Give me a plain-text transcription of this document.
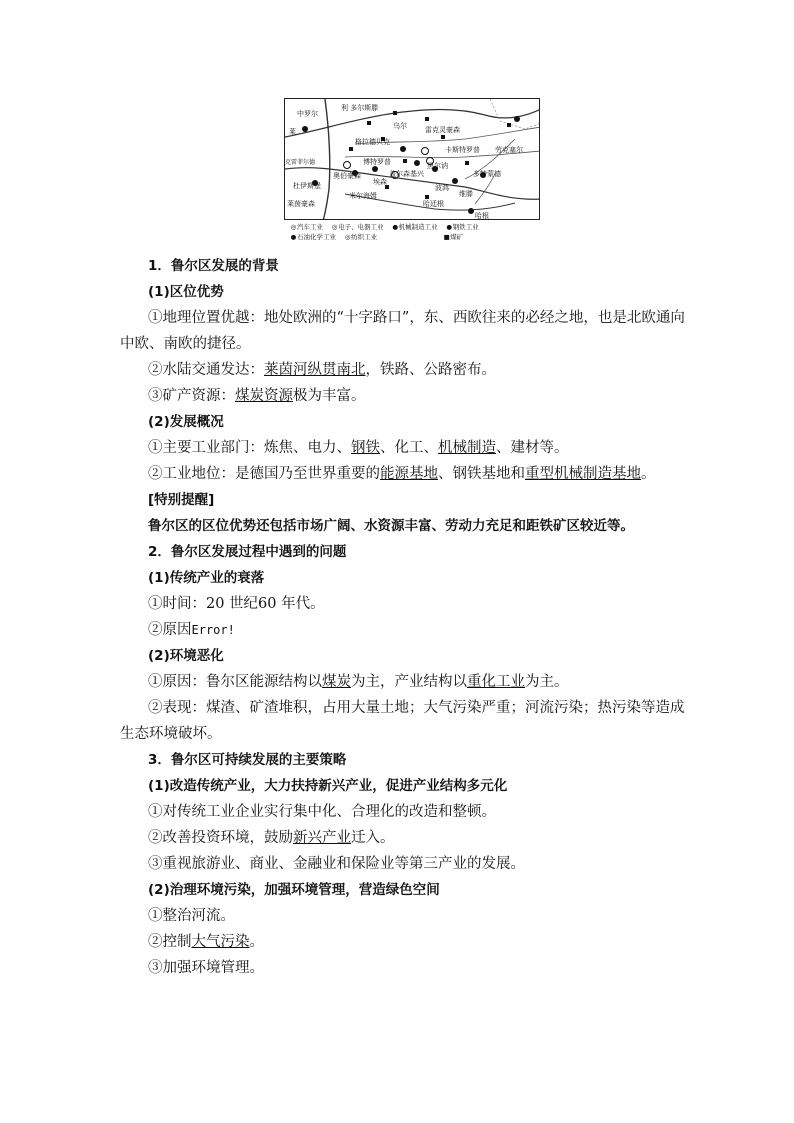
中罗尔
利 多尔斯滕
乌尔	雷克灵豪森
莱
克雷菲尔德
格拉德贝克
卡斯特罗普 劳克塞尔
博特罗普	黑尔讷
盖尔森基兴	多特蒙德
奥伯豪森
埃森
杜伊斯堡	波鸿
米尔海姆	维滕
哈廷根
莱茵豪森
哈根
◎汽车工业 ◎电子、电器工业 ●机械制造工业 ●钢铁工业
●石油化学工业 ◎纺织工业	■煤矿
1．鲁尔区发展的背景
(1)区位优势
①地理位置优越：地处欧洲的“十字路口”，东、西欧往来的必经之地，也是北欧通向
中欧、南欧的捷径。
②水陆交通发达：莱茵河纵贯南北，铁路、公路密布。
③矿产资源：煤炭资源极为丰富。
(2)发展概况
①主要工业部门：炼焦、电力、钢铁、化工、机械制造、建材等。
②工业地位：是德国乃至世界重要的能源基地、钢铁基地和重型机械制造基地。
[特别提醒]
鲁尔区的区位优势还包括市场广阔、水资源丰富、劳动力充足和距铁矿区较近等。
2．鲁尔区发展过程中遇到的问题
(1)传统产业的衰落
①时间：20 世纪60 年代。
②原因Error!
(2)环境恶化
①原因：鲁尔区能源结构以煤炭为主，产业结构以重化工业为主。
②表现：煤渣、矿渣堆积，占用大量土地；大气污染严重；河流污染；热污染等造成
生态环境破坏。
3．鲁尔区可持续发展的主要策略
(1)改造传统产业，大力扶持新兴产业，促进产业结构多元化
①对传统工业企业实行集中化、合理化的改造和整顿。
②改善投资环境，鼓励新兴产业迁入。
③重视旅游业、商业、金融业和保险业等第三产业的发展。
(2)治理环境污染，加强环境管理，营造绿色空间
①整治河流。
②控制大气污染。
③加强环境管理。
